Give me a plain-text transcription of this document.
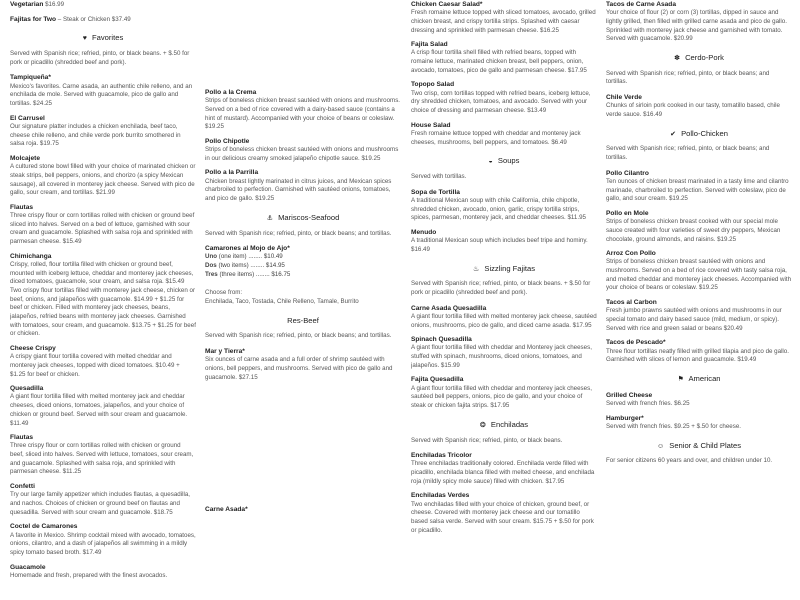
Vegetarian $16.99
Fajitas for Two – Steak or Chicken $37.49
♥ Favorites
Served with Spanish rice; refried, pinto, or black beans. + $.50 for pork or picadillo (shredded beef and pork).
Tampiqueña*
Mexico's favorites. Carne asada, an authentic chile relleno, and an enchilada de mole. Served with guacamole, pico de gallo and tortillas. $24.25
El Carrusel
Our signature platter includes a chicken enchilada, beef taco, cheese chile relleno, and chile verde pork burrito smothered in salsa roja. $19.75
Molcajete
A cultured stone bowl filled with your choice of marinated chicken or steak strips, bell peppers, onions, and chorizo (a spicy Mexican sausage), all covered in monterey jack cheese. Served with pico de gallo, sour cream, and tortillas. $21.99
Flautas
Three crispy flour or corn tortillas rolled with chicken or ground beef sliced into halves. Served on a bed of lettuce, garnished with sour cream and guacamole. Splashed with salsa roja and sprinkled with parmesan cheese. $15.49
Chimichanga
Crispy, rolled, flour tortilla filled with chicken or ground beef, mounted with iceberg lettuce, cheddar and monterey jack cheeses, diced tomatoes, guacamole, sour cream, and salsa roja. $15.49 Two crispy flour tortillas filled with monterey jack cheese, chicken or beef, onions, and jalapeños with guacamole. $14.99 + $1.25 for beef or chicken. Filled with monterey jack cheeses, beans, jalapeños, refried beans with monterey jack cheeses. Garnished with tomatoes, sour cream, and guacamole. $13.75 + $1.25 for beef or chicken.
Cheese Crispy
A crispy giant flour tortilla covered with melted cheddar and monterey jack cheeses, topped with diced tomatoes. $10.49 + $1.25 for beef or chicken.
Quesadilla
A giant flour tortilla filled with melted monterey jack and cheddar cheeses, diced onions, tomatoes, jalapeños, and your choice of chicken or ground beef. Served with sour cream and guacamole. $11.49
Flautas
Three crispy flour or corn tortillas rolled with chicken or ground beef, sliced into halves. Served with lettuce, tomatoes, sour cream, and guacamole. Splashed with salsa roja, and sprinkled with parmesan cheese. $11.25
Confetti
Try our large family appetizer which includes flautas, a quesadilla, and nachos. Choices of chicken or ground beef on flautas and quesadilla. Served with sour cream and guacamole. $18.75
Coctel de Camarones
A favorite in Mexico. Shrimp cocktail mixed with avocado, tomatoes, onions, cilantro, and a dash of jalapeños all swimming in a mildly spicy tomato based broth. $17.49
Guacamole
Homemade and fresh, prepared with the finest avocados.
Pollo a la Crema
Strips of boneless chicken breast sautéed with onions and mushrooms. Served on a bed of rice covered with a dairy-based sauce (contains a hint of mustard). Accompanied with your choice of beans or coleslaw. $19.25
Pollo Chipotle
Strips of boneless chicken breast sautéed with onions and mushrooms in our delicious creamy smoked jalapeño chipotle sauce. $19.25
Pollo a la Parrilla
Chicken breast lightly marinated in citrus juices, and Mexican spices charbroiled to perfection. Garnished with sautéed onions, tomatoes, and pico de gallo. $19.25
⚓ Mariscos-Seafood
Served with Spanish rice; refried, pinto, or black beans; and tortillas.
Camarones al Mojo de Ajo*
Uno (one item) ........ $10.49
Dos (two items) ........ $14.95
Tres (three items) ........ $16.75
Choose from:
Enchilada, Taco, Tostada, Chile Relleno, Tamale, Burrito
Res-Beef
Served with Spanish rice; refried, pinto, or black beans; and tortillas.
Mar y Tierra*
Six ounces of carne asada and a full order of shrimp sautéed with onions, bell peppers, and mushrooms. Served with pico de gallo and guacamole. $27.15
Carne Asada*
Chicken Caesar Salad*
Fresh romaine lettuce topped with sliced tomatoes, avocado, grilled chicken breast, and crispy tortilla strips. Splashed with caesar dressing and sprinkled with parmesan cheese. $16.25
Fajita Salad
A crisp flour tortilla shell filled with refried beans, topped with romaine lettuce, marinated chicken breast, bell peppers, onion, avocado, tomatoes, pico de gallo and parmesan cheese. $17.95
Topopo Salad
Two crisp, corn tortillas topped with refried beans, iceberg lettuce, dry shredded chicken, tomatoes, and avocado. Served with your choice of dressing and parmesan cheese. $13.49
House Salad
Fresh romaine lettuce topped with cheddar and monterey jack cheeses, mushrooms, bell peppers, and tomatoes. $6.49
◒ Soups
Served with tortillas.
Sopa de Tortilla
A traditional Mexican soup with chile California, chile chipotle, shredded chicken, avocado, onion, garlic, crispy tortilla strips, spices, parmesan, monterey jack, and cheddar cheeses. $11.95
Menudo
A traditional Mexican soup which includes beef tripe and hominy. $16.49
♨ Sizzling Fajitas
Served with Spanish rice; refried, pinto, or black beans. + $.50 for pork or picadillo (shredded beef and pork).
Carne Asada Quesadilla
A giant flour tortilla filled with melted monterey jack cheese, sautéed onions, mushrooms, pico de gallo, and diced carne asada. $17.95
Spinach Quesadilla
A giant flour tortilla filled with cheddar and Monterey jack cheeses, stuffed with spinach, mushrooms, diced onions, tomatoes, and jalapeños. $15.99
Fajita Quesadilla
A giant flour tortilla filled with cheddar and monterey jack cheeses, sautéed bell peppers, onions, pico de gallo, and your choice of steak or chicken fajita strips. $17.95
❂ Enchiladas
Served with Spanish rice; refried, pinto, or black beans.
Enchiladas Tricolor
Three enchiladas traditionally colored. Enchilada verde filled with picadillo, enchilada blanca filled with melted cheese, and enchilada roja (mildly spicy mole sauce) filled with chicken. $17.95
Enchiladas Verdes
Two enchiladas filled with your choice of chicken, ground beef, or cheese. Covered with monterey jack cheese and our tomatillo based salsa verde. Served with sour cream. $15.75 + $.50 for pork or picadillo.
Tacos de Carne Asada
Your choice of flour (2) or corn (3) tortillas, dipped in sauce and lightly grilled, then filled with grilled carne asada and pico de gallo. Sprinkled with monterey jack cheese and garnished with tomato. Served with guacamole. $20.99
✽ Cerdo-Pork
Served with Spanish rice; refried, pinto, or black beans; and tortillas.
Chile Verde
Chunks of sirloin pork cooked in our tasty, tomatillo based, chile verde sauce. $16.49
✔ Pollo-Chicken
Served with Spanish rice; refried, pinto, or black beans; and tortillas.
Pollo Cilantro
Ten ounces of chicken breast marinated in a tasty lime and cilantro marinade, charbroiled to perfection. Served with coleslaw, pico de gallo, and sour cream. $19.25
Pollo en Mole
Strips of boneless chicken breast cooked with our special mole sauce created with four varieties of sweet dry peppers, Mexican chocolate, ground almonds, and raisins. $19.25
Arroz Con Pollo
Strips of boneless chicken breast sautéed with onions and mushrooms. Served on a bed of rice covered with tasty salsa roja, and melted cheddar and monterey jack cheeses. Accompanied with your choice of beans or coleslaw. $19.25
Tacos al Carbon
Fresh jumbo prawns sautéed with onions and mushrooms in our special tomato and dairy based sauce (mild, medium, or spicy). Served with rice and green salad or beans $20.49
Tacos de Pescado*
Three flour tortillas neatly filled with grilled tilapia and pico de gallo. Garnished with slices of lemon and guacamole. $19.49
⚑ American
Grilled Cheese
Served with french fries. $6.25
Hamburger*
Served with french fries. $9.25 + $.50 for cheese.
☺ Senior & Child Plates
For senior citizens 60 years and over, and children under 10.
